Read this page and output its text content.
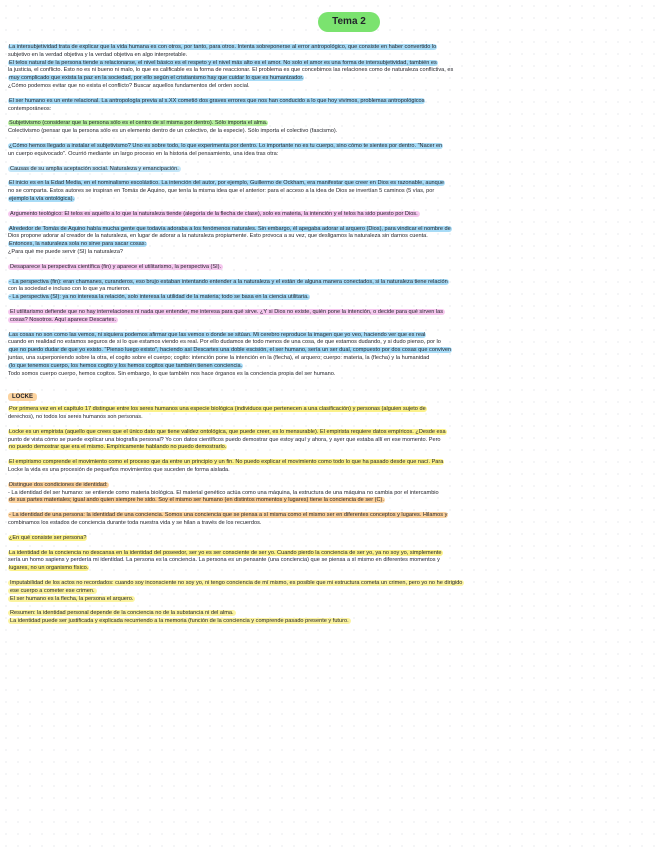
Tema 2
La intersubjetividad trata de explicar que la vida humana es con otros, por tanto, para otros. Intenta sobreponerse al error antropológico, que consiste en haber convertido lo
subjetivo en la verdad objetiva y la verdad objetiva en algo interpretable.
El telos natural de la persona tiende a relacionarse, el nivel básico es el respeto y el nivel más alto es el amor. No solo el amor es una forma de intersubjetividad, también es
la justicia, el conflicto. Esto no es ni bueno ni malo, lo que es calificable es la forma de reaccionar. El problema es que concebimos las relaciones como de naturaleza conflictiva, es
muy complicado que exista la paz en la sociedad, por ello según el cristianismo hay que cuidar lo que es humanizador.
¿Cómo podemos evitar que no exista el conflicto? Buscar aquellos fundamentos del orden social.
El ser humano es un ente relacional. La antropología previa al s.XX cometió dos graves errores que nos han conducido a lo que hoy vivimos, problemas antropológicos
contemporáneos:
Subjetivismo (considerar que la persona sólo es el centro de sí misma por dentro). Sólo importa el alma.
Colectivismo (pensar que la persona sólo es un elemento dentro de un colectivo, de la especie). Sólo importa el colectivo (fascismo).
¿Cómo hemos llegado a instalar el subjetivismo? Uno es sobre todo, lo que experimenta por dentro. Lo importante no es tu cuerpo, sino cómo te sientes por dentro. "Nacer en
un cuerpo equivocado". Ocurrió mediante un largo proceso en la historia del pensamiento, una idea tras otra:
Causas de su amplia aceptación social. Naturaleza y emancipación.
El inicio es en la Edad Media, en el nominalismo escolástico. La intención del autor, por ejemplo, Guillermo de Ockham, era manifestar que creer en Dios es razonable, aunque
no se comparta. Estos autores se inspiran en Tomás de Aquino, que tenía la misma idea que el anterior: para el acceso a la idea de Dios se invertían 5 caminos (5 vías, por
ejemplo la vía ontológica).
Argumento teológico: El telos es aquello a lo que la naturaleza tiende (alegoría de la flecha de clase), solo es materia, la intención y el telos ha sido puesto por Dios.
Alrededor de Tomás de Aquino había mucha gente que todavía adoraba a los fenómenos naturales. Sin embargo, él apegaba adorar al arquero (Dios), para vindicar el nombre de
Dios propone adorar al creador de la naturaleza, en lugar de adorar a la naturaleza propiamente. Esto provoca a su vez, que desligamos la naturaleza sin darnos cuenta.
Entonces, la naturaleza sola no sirve para sacar cosas:
¿Para qué me puede servir (SI) la naturaleza?
Desaparece la perspectiva científica (fin) y aparece el utilitarismo, la perspectiva (SI).
- La perspectiva (fin): eran chamanes, curanderos, eso brujo estaban intentando entender a la naturaleza y el están de alguna manera conectados, si la naturaleza tiene relación
con la sociedad e incluso con lo que ya murieron.
- La perspectiva (SI): ya no interesa la relación, solo interesa la utilidad de la materia; todo se basa en la ciencia utilitaria.
El utilitarismo defiende que no hay interrelaciones ni nada que entender, me interesa para qué sirve. ¿Y si Dios no existe, quién pone la intención, o decide para qué sirven las
cosas? Nosotros. Aquí aparece Descartes.
Las cosas no son como las vemos, ni siquiera podemos afirmar que las vemos o donde se sitúan. Mi cerebro reproduce la imagen que yo veo, haciendo ver que es real
cuando en realidad no estamos seguros de si lo que estamos viendo es real. Por ello dudamos de todo menos de una cosa, de que estamos dudando, y si dudo pienso, por lo
que no puedo dudar de que yo existo. "Pienso luego existo", haciendo así Descartes una doble escisión, el ser humano, sería un ser dual, compuesto por dos cosas que conviven
juntas, una superponiendo sobre la otra, el cogito sobre el cuerpo; cogito: intención pone la intención en la (flecha), el arquero; cuerpo: materia, la (flecha) y la humanidad
(lo que tenemos cuerpo, los hemos cogito y los hemos cogitos que también tienen conciencia.
Todo somos cuerpo cuerpo, hemos cogitos. Sin embargo, lo que también nos hace órganos es la conciencia propia del ser humano.
LOCKE
Por primera vez en el capítulo 17 distingue entre los seres humanos una especie biológica (individuos que pertenecen a una clasificación) y personas (alguien sujeto de
derechos), no todos los seres humanos son personas.
Locke es un empirista (aquello que crees que el único dato que tiene validez ontológica, que puede creer, es lo mensurable). El empirista requiere datos empíricos. ¿Desde esa
punto de vista cómo se puede explicar una biografía personal? Yo con datos científicos puedo demostrar que estoy aquí y ahora, y ayer que estaba allí en ese momento. Pero
no puedo demostrar que era el mismo. Empíricamente hablando no puedo demostrarlo.
El empirismo comprende el movimiento como el proceso que da entre un principio y un fin. No puedo explicar el movimiento como todo lo que ha pasado desde que nací. Para
Locke la vida es una procesión de pequeños movimientos que suceden de forma aislada.
Distingue dos condiciones de identidad:
- La identidad del ser humano: se entiende como materia biológica. El material genético actúa como una máquina, la estructura de una máquina no cambia por el intercambio
de sus partes materiales; igual ando quien siempre he sido. Soy el mismo ser humano (en distintos momentos y lugares) tiene la conciencia de ser (C).
- La identidad de una persona: la identidad de una conciencia. Somos una conciencia que se piensa a sí misma como el mismo ser en diferentes conceptos y lugares. Hilamos y
combinamos los estados de conciencia durante toda nuestra vida y se hilan a través de los recuerdos.
¿En qué consiste ser persona?
La identidad de la conciencia no descansa en la identidad del poseedor, ser yo es ser consciente de ser yo. Cuando pierdo la conciencia de ser yo, ya no soy yo, simplemente
sería un homo sapiens y perdería mi identidad. La persona es la conciencia. La persona es un pensante (una conciencia) que se piensa a sí mismo en diferentes momentos y
lugares, no un organismo físico.
Imputabilidad de los actos no recordados: cuando soy inconsciente no soy yo, ni tengo conciencia de mí mismo, es posible que mi estructura cometa un crimen, pero yo no he dirigido
ese cuerpo a cometer ese crimen.
El ser humano es la flecha, la persona el arquero.
Resumen: la identidad personal depende de la conciencia no de la substancia ni del alma.
La identidad puede ser justificada y explicada recurriendo a la memoria (función de la conciencia y comprende pasado presente y futuro.
